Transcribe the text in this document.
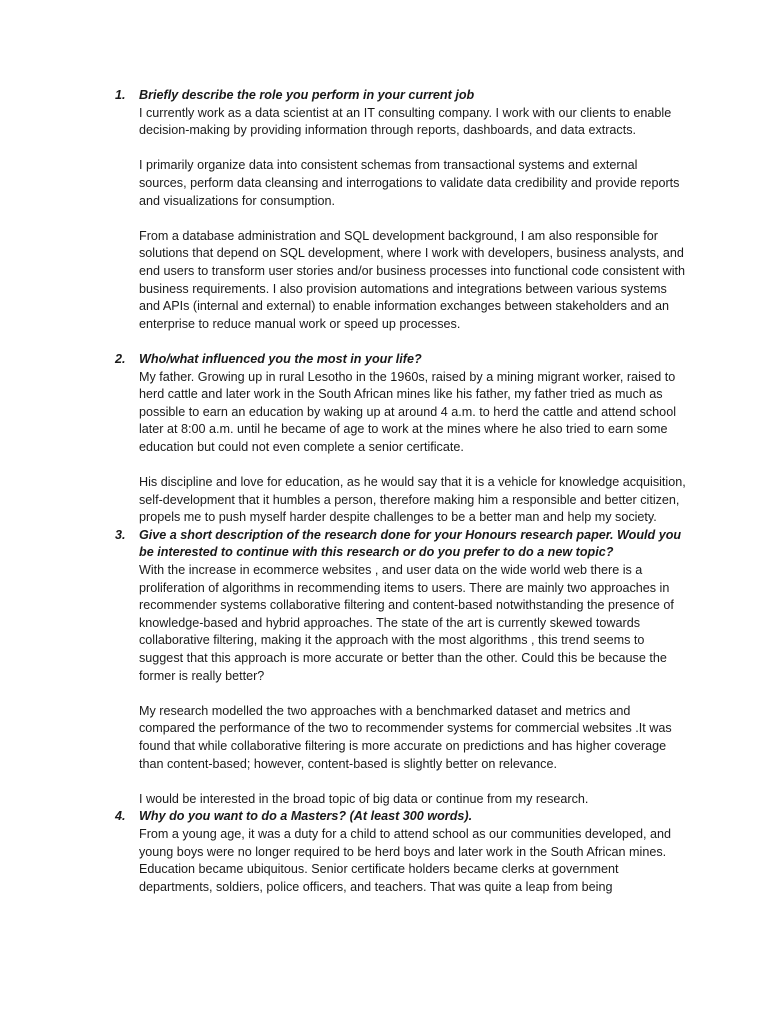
1. Briefly describe the role you perform in your current job

I currently work as a data scientist at an IT consulting company. I work with our clients to enable decision-making by providing information through reports, dashboards, and data extracts.

I primarily organize data into consistent schemas from transactional systems and external sources, perform data cleansing and interrogations to validate data credibility and provide reports and visualizations for consumption.

From a database administration and SQL development background, I am also responsible for solutions that depend on SQL development, where I work with developers, business analysts, and end users to transform user stories and/or business processes into functional code consistent with business requirements. I also provision automations and integrations between various systems and APIs (internal and external) to enable information exchanges between stakeholders and an enterprise to reduce manual work or speed up processes.

2. Who/what influenced you the most in your life?

My father. Growing up in rural Lesotho in the 1960s, raised by a mining migrant worker, raised to herd cattle and later work in the South African mines like his father, my father tried as much as possible to earn an education by waking up at around 4 a.m. to herd the cattle and attend school later at 8:00 a.m. until he became of age to work at the mines where he also tried to earn some education but could not even complete a senior certificate.

His discipline and love for education, as he would say that it is a vehicle for knowledge acquisition, self-development that it humbles a person, therefore making him a responsible and better citizen, propels me to push myself harder despite challenges to be a better man and help my society.

3. Give a short description of the research done for your Honours research paper. Would you be interested to continue with this research or do you prefer to do a new topic?

With the increase in ecommerce websites , and user data on the wide world web there is a proliferation of algorithms in recommending items to users. There are mainly two approaches in recommender systems collaborative filtering and content-based notwithstanding the presence of knowledge-based and hybrid approaches. The state of the art is currently skewed towards collaborative filtering, making it the approach with the most algorithms , this trend seems to suggest that this approach is more accurate or better than the other. Could this be because the former is really better?

My research modelled the two approaches with a benchmarked dataset and metrics and compared the performance of the two to recommender systems for commercial websites .It was found that while collaborative filtering is more accurate on predictions and has higher coverage than content-based; however, content-based is slightly better on relevance.

I would be interested in the broad topic of big data or continue from my research.

4. Why do you want to do a Masters? (At least 300 words).

From a young age, it was a duty for a child to attend school as our communities developed, and young boys were no longer required to be herd boys and later work in the South African mines. Education became ubiquitous. Senior certificate holders became clerks at government departments, soldiers, police officers, and teachers. That was quite a leap from being
